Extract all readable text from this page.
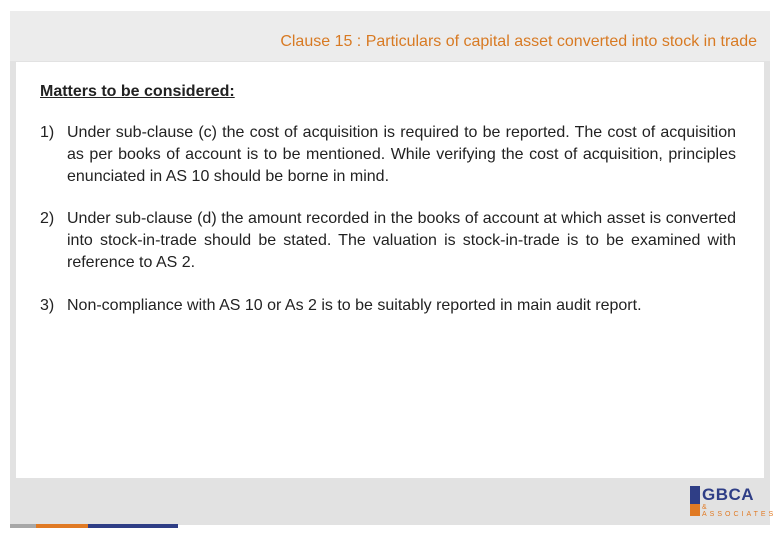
Clause 15 : Particulars of capital asset converted into stock in trade
Matters to be considered:
1) Under sub-clause (c) the cost of acquisition is required to be reported. The cost of acquisition as per books of account is to be mentioned. While verifying the cost of acquisition, principles enunciated in AS 10 should be borne in mind.
2) Under sub-clause (d) the amount recorded in the books of account at which asset is converted into stock-in-trade should be stated. The valuation is stock-in-trade is to be examined with reference to AS 2.
3) Non-compliance with AS 10 or As 2 is to be suitably reported in main audit report.
GBCA
& ASSOCIATES
